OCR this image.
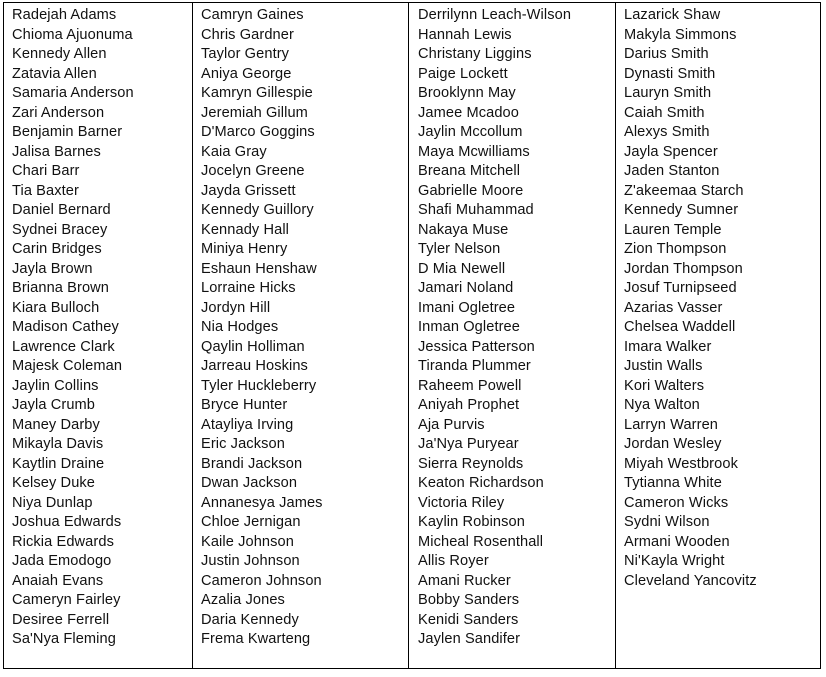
Radejah Adams
Chioma Ajuonuma
Kennedy Allen
Zatavia Allen
Samaria Anderson
Zari Anderson
Benjamin Barner
Jalisa Barnes
Chari Barr
Tia Baxter
Daniel Bernard
Sydnei Bracey
Carin Bridges
Jayla Brown
Brianna Brown
Kiara Bulloch
Madison Cathey
Lawrence Clark
Majesk Coleman
Jaylin Collins
Jayla Crumb
Maney Darby
Mikayla Davis
Kaytlin Draine
Kelsey Duke
Niya Dunlap
Joshua Edwards
Rickia Edwards
Jada Emodogo
Anaiah Evans
Cameryn Fairley
Desiree Ferrell
Sa'Nya Fleming
Camryn Gaines
Chris Gardner
Taylor Gentry
Aniya George
Kamryn Gillespie
Jeremiah Gillum
D'Marco Goggins
Kaia Gray
Jocelyn Greene
Jayda Grissett
Kennedy Guillory
Kennady Hall
Miniya Henry
Eshaun Henshaw
Lorraine Hicks
Jordyn Hill
Nia Hodges
Qaylin Holliman
Jarreau Hoskins
Tyler Huckleberry
Bryce Hunter
Atayliya Irving
Eric Jackson
Brandi Jackson
Dwan Jackson
Annanesya James
Chloe Jernigan
Kaile Johnson
Justin Johnson
Cameron Johnson
Azalia Jones
Daria Kennedy
Frema Kwarteng
Derrilynn Leach-Wilson
Hannah Lewis
Christany Liggins
Paige Lockett
Brooklynn May
Jamee Mcadoo
Jaylin Mccollum
Maya Mcwilliams
Breana Mitchell
Gabrielle Moore
Shafi Muhammad
Nakaya Muse
Tyler Nelson
D Mia Newell
Jamari Noland
Imani Ogletree
Inman Ogletree
Jessica Patterson
Tiranda Plummer
Raheem Powell
Aniyah Prophet
Aja Purvis
Ja'Nya Puryear
Sierra Reynolds
Keaton Richardson
Victoria Riley
Kaylin Robinson
Micheal Rosenthall
Allis Royer
Amani Rucker
Bobby Sanders
Kenidi Sanders
Jaylen Sandifer
Lazarick Shaw
Makyla Simmons
Darius Smith
Dynasti Smith
Lauryn Smith
Caiah Smith
Alexys Smith
Jayla Spencer
Jaden Stanton
Z'akeemaa Starch
Kennedy Sumner
Lauren Temple
Zion Thompson
Jordan Thompson
Josuf Turnipseed
Azarias Vasser
Chelsea Waddell
Imara Walker
Justin Walls
Kori Walters
Nya Walton
Larryn Warren
Jordan Wesley
Miyah Westbrook
Tytianna White
Cameron Wicks
Sydni Wilson
Armani Wooden
Ni'Kayla Wright
Cleveland Yancovitz
